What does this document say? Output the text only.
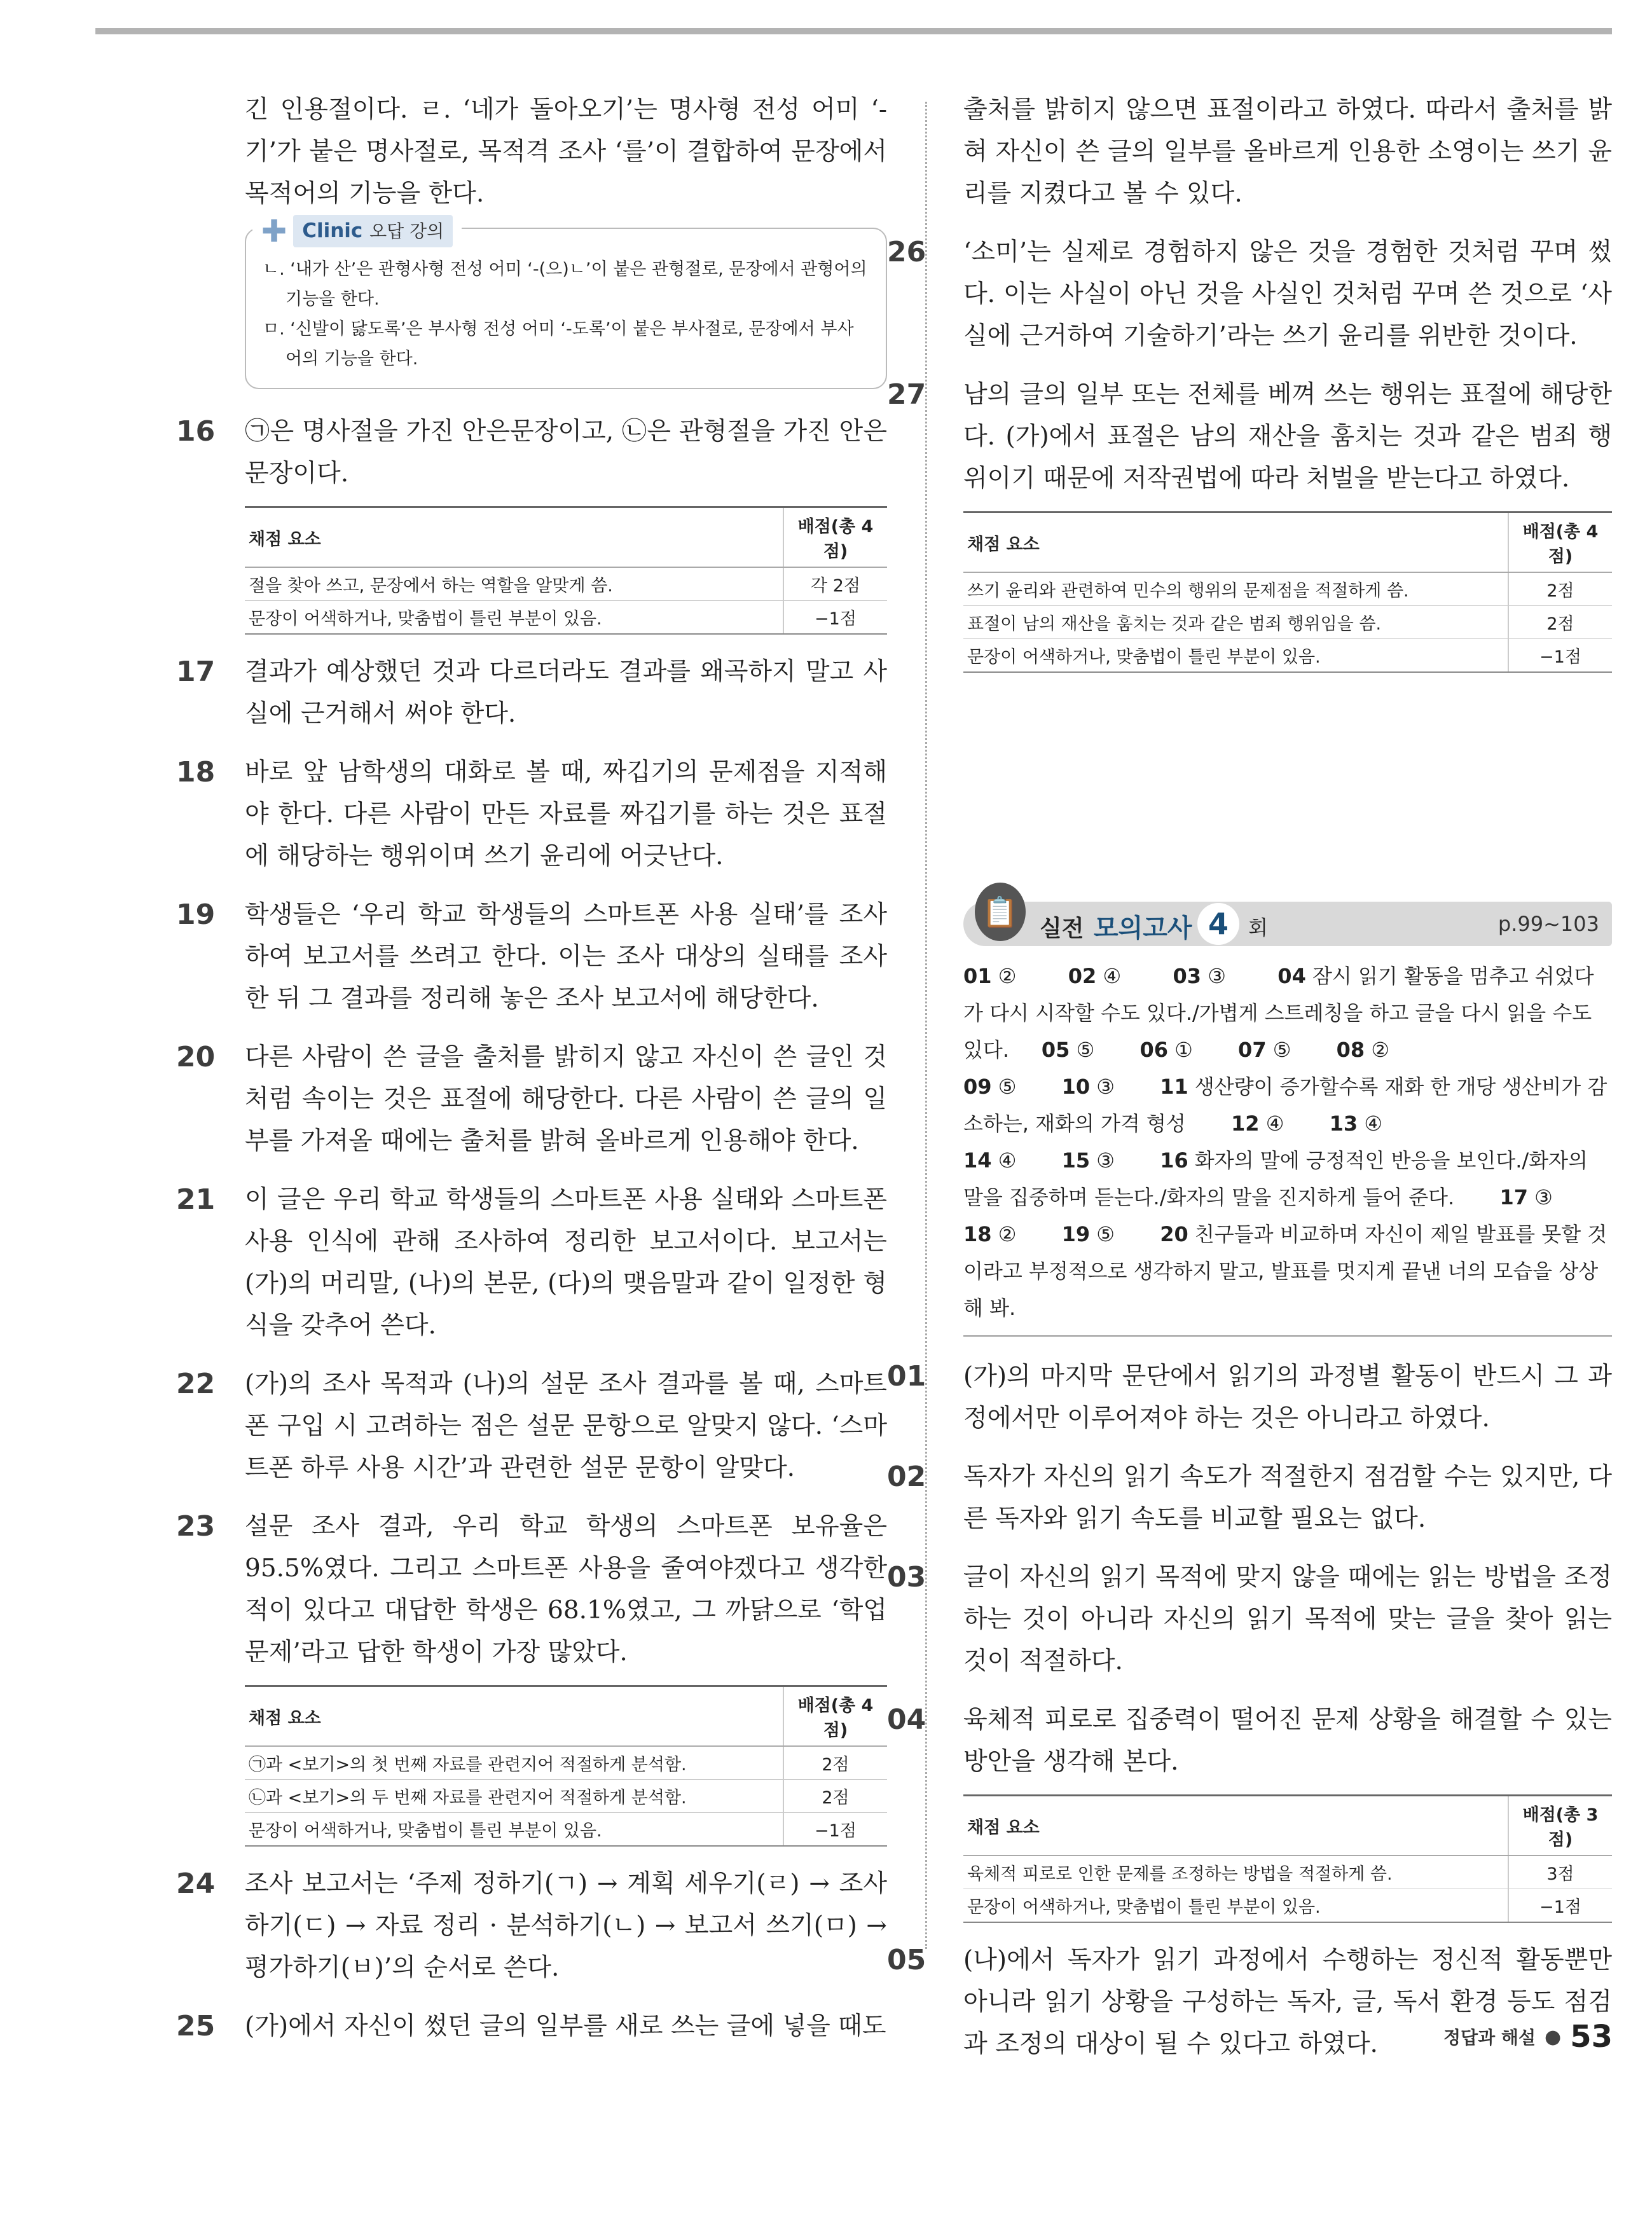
긴 인용절이다. ㄹ. ‘네가 돌아오기’는 명사형 전성 어미 ‘-기’가 붙은 명사절로, 목적격 조사 ‘를’이 결합하여 문장에서 목적어의 기능을 한다.

✚ Clinic 오답 강의

ㄴ. ‘내가 산’은 관형사형 전성 어미 ‘-(으)ㄴ’이 붙은 관형절로, 문장에서 관형어의 기능을 한다.

ㅁ. ‘신발이 닳도록’은 부사형 전성 어미 ‘-도록’이 붙은 부사절로, 문장에서 부사어의 기능을 한다.

16 ㉠은 명사절을 가진 안은문장이고, ㉡은 관형절을 가진 안은문장이다.

채점 요소	배점(총 4점)
절을 찾아 쓰고, 문장에서 하는 역할을 알맞게 씀.	각 2점
문장이 어색하거나, 맞춤법이 틀린 부분이 있음.	−1점
17 결과가 예상했던 것과 다르더라도 결과를 왜곡하지 말고 사실에 근거해서 써야 한다.

18 바로 앞 남학생의 대화로 볼 때, 짜깁기의 문제점을 지적해야 한다. 다른 사람이 만든 자료를 짜깁기를 하는 것은 표절에 해당하는 행위이며 쓰기 윤리에 어긋난다.

19 학생들은 ‘우리 학교 학생들의 스마트폰 사용 실태’를 조사하여 보고서를 쓰려고 한다. 이는 조사 대상의 실태를 조사한 뒤 그 결과를 정리해 놓은 조사 보고서에 해당한다.

20 다른 사람이 쓴 글을 출처를 밝히지 않고 자신이 쓴 글인 것처럼 속이는 것은 표절에 해당한다. 다른 사람이 쓴 글의 일부를 가져올 때에는 출처를 밝혀 올바르게 인용해야 한다.

21 이 글은 우리 학교 학생들의 스마트폰 사용 실태와 스마트폰 사용 인식에 관해 조사하여 정리한 보고서이다. 보고서는 (가)의 머리말, (나)의 본문, (다)의 맺음말과 같이 일정한 형식을 갖추어 쓴다.

22 (가)의 조사 목적과 (나)의 설문 조사 결과를 볼 때, 스마트폰 구입 시 고려하는 점은 설문 문항으로 알맞지 않다. ‘스마트폰 하루 사용 시간’과 관련한 설문 문항이 알맞다.

23 설문 조사 결과, 우리 학교 학생의 스마트폰 보유율은 95.5%였다. 그리고 스마트폰 사용을 줄여야겠다고 생각한 적이 있다고 대답한 학생은 68.1%였고, 그 까닭으로 ‘학업 문제’라고 답한 학생이 가장 많았다.

채점 요소	배점(총 4점)
㉠과 <보기>의 첫 번째 자료를 관련지어 적절하게 분석함.	2점
㉡과 <보기>의 두 번째 자료를 관련지어 적절하게 분석함.	2점
문장이 어색하거나, 맞춤법이 틀린 부분이 있음.	−1점
24 조사 보고서는 ‘주제 정하기(ㄱ) → 계획 세우기(ㄹ) → 조사하기(ㄷ) → 자료 정리 · 분석하기(ㄴ) → 보고서 쓰기(ㅁ) → 평가하기(ㅂ)’의 순서로 쓴다.

25 (가)에서 자신이 썼던 글의 일부를 새로 쓰는 글에 넣을 때도

출처를 밝히지 않으면 표절이라고 하였다. 따라서 출처를 밝혀 자신이 쓴 글의 일부를 올바르게 인용한 소영이는 쓰기 윤리를 지켰다고 볼 수 있다.

26 ‘소미’는 실제로 경험하지 않은 것을 경험한 것처럼 꾸며 썼다. 이는 사실이 아닌 것을 사실인 것처럼 꾸며 쓴 것으로 ‘사실에 근거하여 기술하기’라는 쓰기 윤리를 위반한 것이다.

27 남의 글의 일부 또는 전체를 베껴 쓰는 행위는 표절에 해당한다. (가)에서 표절은 남의 재산을 훔치는 것과 같은 범죄 행위이기 때문에 저작권법에 따라 처벌을 받는다고 하였다.

채점 요소	배점(총 4점)
쓰기 윤리와 관련하여 민수의 행위의 문제점을 적절하게 씀.	2점
표절이 남의 재산을 훔치는 것과 같은 범죄 행위임을 씀.	2점
문장이 어색하거나, 맞춤법이 틀린 부분이 있음.	−1점
📋 실전 모의고사 4 회	p.99~103
01 ②	02 ④	03 ③	04 잠시 읽기 활동을 멈추고 쉬었다가 다시 시작할 수도 있다./가볍게 스트레칭을 하고 글을 다시 읽을 수도 있다. 05 ⑤ 06 ① 07 ⑤ 08 ②
09 ⑤ 10 ③ 11 생산량이 증가할수록 재화 한 개당 생산비가 감소하는, 재화의 가격 형성 12 ④ 13 ④
14 ④ 15 ③ 16 화자의 말에 긍정적인 반응을 보인다./화자의 말을 집중하며 듣는다./화자의 말을 진지하게 들어 준다. 17 ③
18 ② 19 ⑤ 20 친구들과 비교하며 자신이 제일 발표를 못할 것이라고 부정적으로 생각하지 말고, 발표를 멋지게 끝낸 너의 모습을 상상해 봐.
01 (가)의 마지막 문단에서 읽기의 과정별 활동이 반드시 그 과정에서만 이루어져야 하는 것은 아니라고 하였다.

02 독자가 자신의 읽기 속도가 적절한지 점검할 수는 있지만, 다른 독자와 읽기 속도를 비교할 필요는 없다.

03 글이 자신의 읽기 목적에 맞지 않을 때에는 읽는 방법을 조정하는 것이 아니라 자신의 읽기 목적에 맞는 글을 찾아 읽는 것이 적절하다.

04 육체적 피로로 집중력이 떨어진 문제 상황을 해결할 수 있는 방안을 생각해 본다.

채점 요소	배점(총 3점)
육체적 피로로 인한 문제를 조정하는 방법을 적절하게 씀.	3점
문장이 어색하거나, 맞춤법이 틀린 부분이 있음.	−1점
05 (나)에서 독자가 읽기 과정에서 수행하는 정신적 활동뿐만 아니라 읽기 상황을 구성하는 독자, 글, 독서 환경 등도 점검과 조정의 대상이 될 수 있다고 하였다.	정답과 해설 ● 53
